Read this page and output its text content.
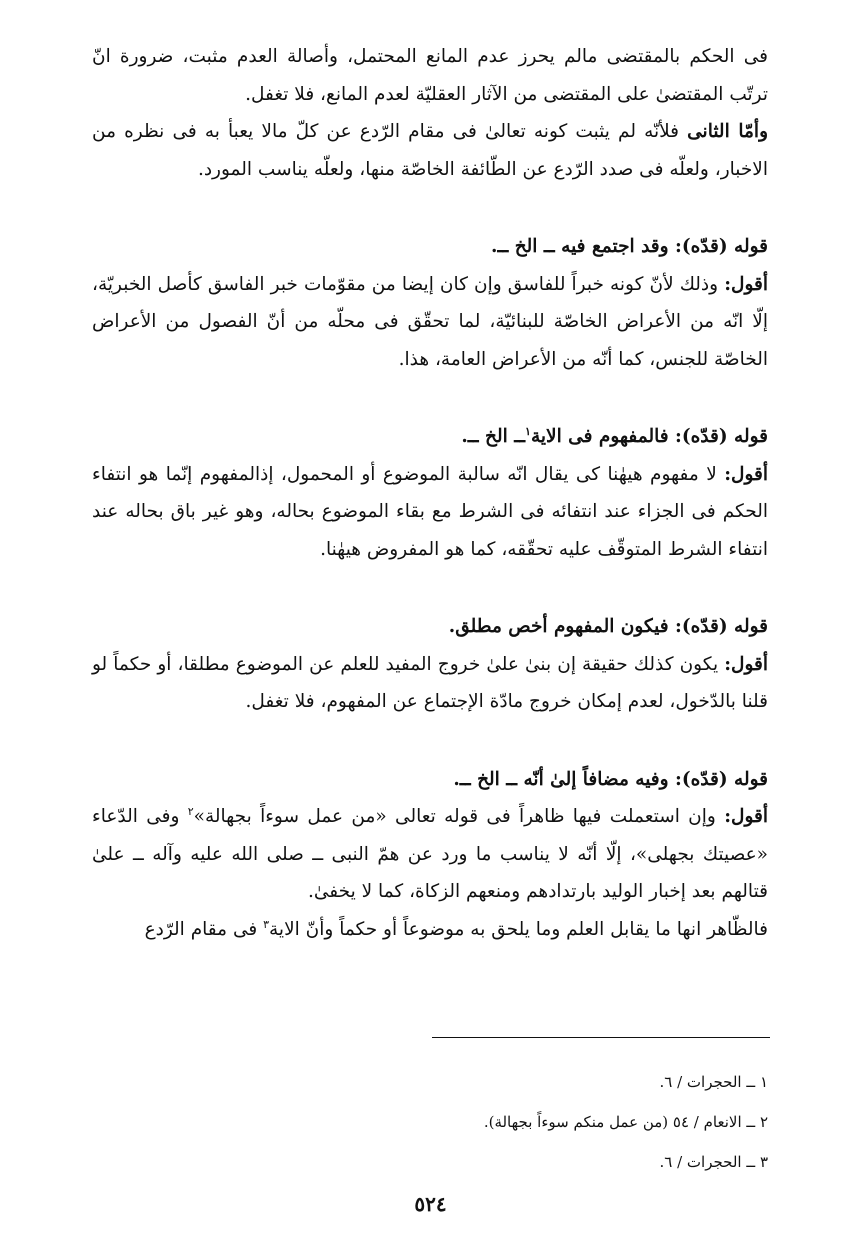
فى الحكم بالمقتضى مالم يحرز عدم المانع المحتمل، وأصالة العدم مثبت، ضرورة انّ ترتّب المقتضىٰ على المقتضى من الآثار العقليّة لعدم المانع، فلا تغفل.

وأمّا الثانى فلأنّه لم يثبت كونه تعالىٰ فى مقام الرّدع عن كلّ مالا يعبأ به فى نظره من الاخبار، ولعلّه فى صدد الرّدع عن الطّائفة الخاصّة منها، ولعلّه يناسب المورد.

قوله (قدّه): وقد اجتمع فيه ــ الخ ــ.

أقول: وذلك لأنّ كونه خبراً للفاسق وإن كان إيضا من مقوّمات خبر الفاسق كأصل الخبريّة، إلّا انّه من الأعراض الخاصّة للبنائيّة، لما تحقّق فى محلّه من أنّ الفصول من الأعراض الخاصّة للجنس، كما أنّه من الأعراض العامة، هذا.

قوله (قدّه): فالمفهوم فى الاية$^١$ــ الخ ــ.

أقول: لا مفهوم هيهٰنا كى يقال انّه سالبة الموضوع أو المحمول، إذالمفهوم إنّما هو انتفاء الحكم فى الجزاء عند انتفائه فى الشرط مع بقاء الموضوع بحاله، وهو غير باق بحاله عند انتفاء الشرط المتوقّف عليه تحقّقه، كما هو المفروض هيهٰنا.

قوله (قدّه): فيكون المفهوم أخص مطلق.

أقول: يكون كذلك حقيقة إن بنىٰ علىٰ خروج المفيد للعلم عن الموضوع مطلقا، أو حكماً لو قلنا بالدّخول، لعدم إمكان خروج مادّة الإجتماع عن المفهوم، فلا تغفل.

قوله (قدّه): وفيه مضافاً إلىٰ أنّه ــ الخ ــ.

أقول: وإن استعملت فيها ظاهراً فى قوله تعالى «من عمل سوءاً بجهالة»$^٢$ وفى الدّعاء «عصيتك بجهلى»، إلّا أنّه لا يناسب ما ورد عن همّ النبى ــ صلى الله عليه وآله ــ علىٰ قتالهم بعد إخبار الوليد بارتدادهم ومنعهم الزكاة، كما لا يخفىٰ.

فالظّاهر انها ما يقابل العلم وما يلحق به موضوعاً أو حكماً وأنّ الاية$^٣$ فى مقام الرّدع

١ ــ الحجرات / ٦.

٢ ــ الانعام / ٥٤ (من عمل منكم سوءاً بجهالة).

٣ ــ الحجرات / ٦.

٥٢٤
